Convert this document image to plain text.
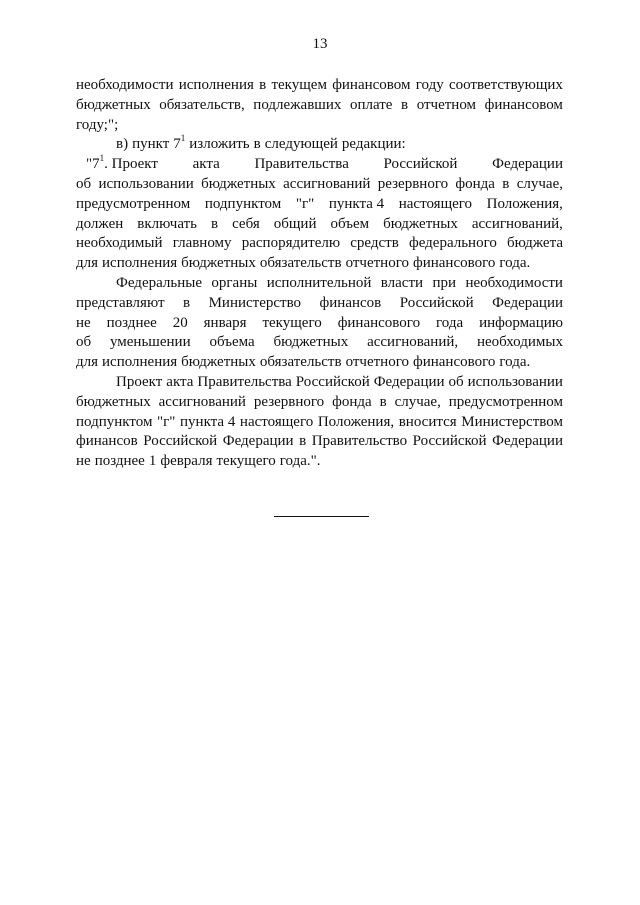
13
необходимости исполнения в текущем финансовом году соответствующих
бюджетных обязательств, подлежавших оплате в отчетном финансовом
году;";
в) пункт $7^1$ изложить в следующей редакции:
"$7^1$. Проект акта Правительства Российской Федерации
об использовании бюджетных ассигнований резервного фонда в случае,
предусмотренном подпунктом "г" пункта 4 настоящего Положения,
должен включать в себя общий объем бюджетных ассигнований,
необходимый главному распорядителю средств федерального бюджета
для исполнения бюджетных обязательств отчетного финансового года.
Федеральные органы исполнительной власти при необходимости
представляют в Министерство финансов Российской Федерации
не позднее 20 января текущего финансового года информацию
об уменьшении объема бюджетных ассигнований, необходимых
для исполнения бюджетных обязательств отчетного финансового года.
Проект акта Правительства Российской Федерации об использовании
бюджетных ассигнований резервного фонда в случае, предусмотренном
подпунктом "г" пункта 4 настоящего Положения, вносится Министерством
финансов Российской Федерации в Правительство Российской Федерации
не позднее 1 февраля текущего года.".
